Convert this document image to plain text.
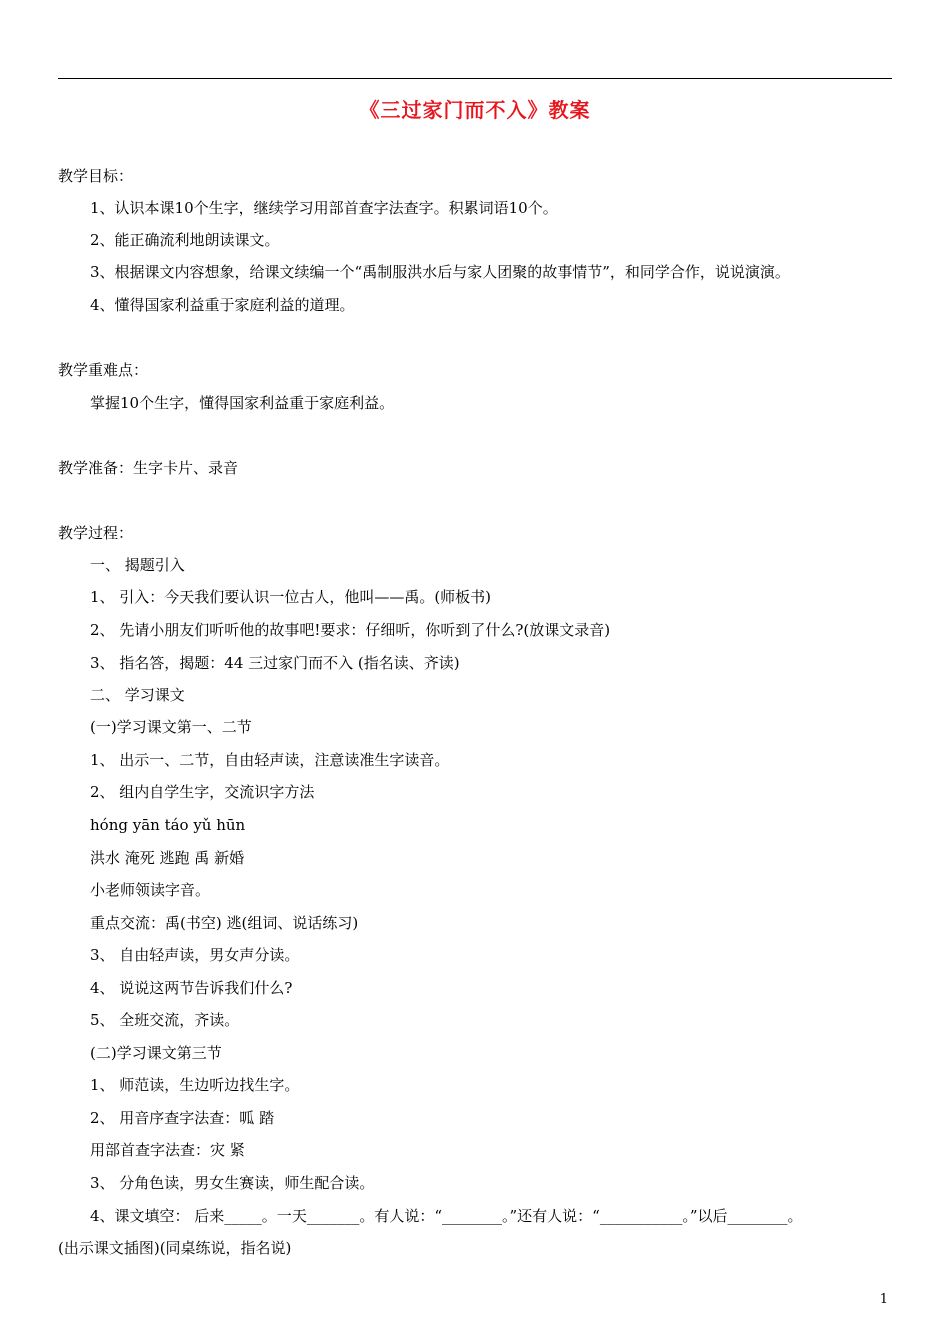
《三过家门而不入》教案
教学目标：
1、认识本课10个生字，继续学习用部首查字法查字。积累词语10个。
2、能正确流利地朗读课文。
3、根据课文内容想象，给课文续编一个“禹制服洪水后与家人团聚的故事情节”，和同学合作，说说演演。
4、懂得国家利益重于家庭利益的道理。
教学重难点：
掌握10个生字，懂得国家利益重于家庭利益。
教学准备：生字卡片、录音
教学过程：
一、 揭题引入
1、 引入：今天我们要认识一位古人，他叫——禹。(师板书)
2、 先请小朋友们听听他的故事吧!要求：仔细听，你听到了什么?(放课文录音)
3、 指名答，揭题：44 三过家门而不入 (指名读、齐读)
二、 学习课文
(一)学习课文第一、二节
1、 出示一、二节，自由轻声读，注意读准生字读音。
2、 组内自学生字，交流识字方法
hóng yān táo yǔ hūn
洪水 淹死 逃跑 禹 新婚
小老师领读字音。
重点交流：禹(书空) 逃(组词、说话练习)
3、 自由轻声读，男女声分读。
4、 说说这两节告诉我们什么?
5、 全班交流，齐读。
(二)学习课文第三节
1、 师范读，生边听边找生字。
2、 用音序查字法查：呱 踏
用部首查字法查：灾 紧
3、 分角色读，男女生赛读，师生配合读。
4、课文填空： 后来_____。一天_______。有人说：“________。”还有人说：“___________。”以后________。
(出示课文插图)(同桌练说，指名说)
1
